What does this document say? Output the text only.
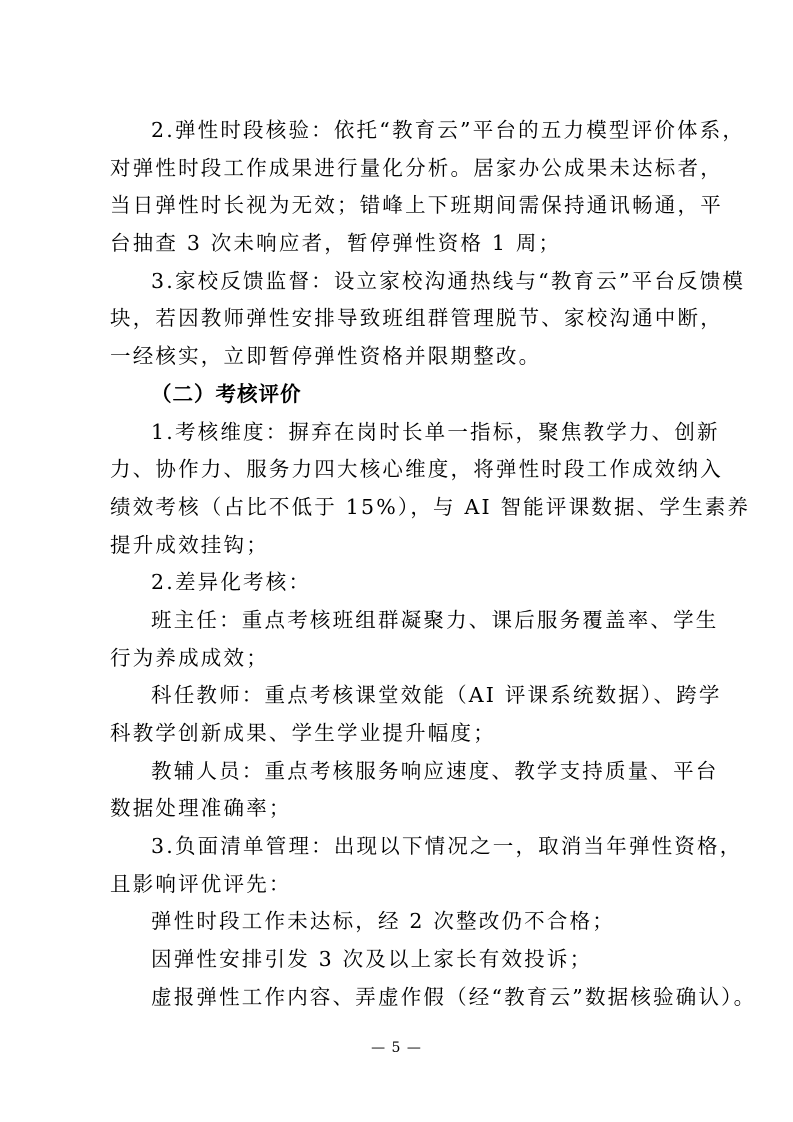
2.弹性时段核验：依托“教育云”平台的五力模型评价体系，
对弹性时段工作成果进行量化分析。居家办公成果未达标者，
当日弹性时长视为无效；错峰上下班期间需保持通讯畅通，平
台抽查 3 次未响应者，暂停弹性资格 1 周；
3.家校反馈监督：设立家校沟通热线与“教育云”平台反馈模
块，若因教师弹性安排导致班组群管理脱节、家校沟通中断，
一经核实，立即暂停弹性资格并限期整改。
（二）考核评价
1.考核维度：摒弃在岗时长单一指标，聚焦教学力、创新
力、协作力、服务力四大核心维度，将弹性时段工作成效纳入
绩效考核（占比不低于 15%），与 AI 智能评课数据、学生素养
提升成效挂钩；
2.差异化考核：
班主任：重点考核班组群凝聚力、课后服务覆盖率、学生
行为养成成效；
科任教师：重点考核课堂效能（AI 评课系统数据）、跨学
科教学创新成果、学生学业提升幅度；
教辅人员：重点考核服务响应速度、教学支持质量、平台
数据处理准确率；
3.负面清单管理：出现以下情况之一，取消当年弹性资格，
且影响评优评先：
弹性时段工作未达标，经 2 次整改仍不合格；
因弹性安排引发 3 次及以上家长有效投诉；
虚报弹性工作内容、弄虚作假（经“教育云”数据核验确认）。
— 5 —
